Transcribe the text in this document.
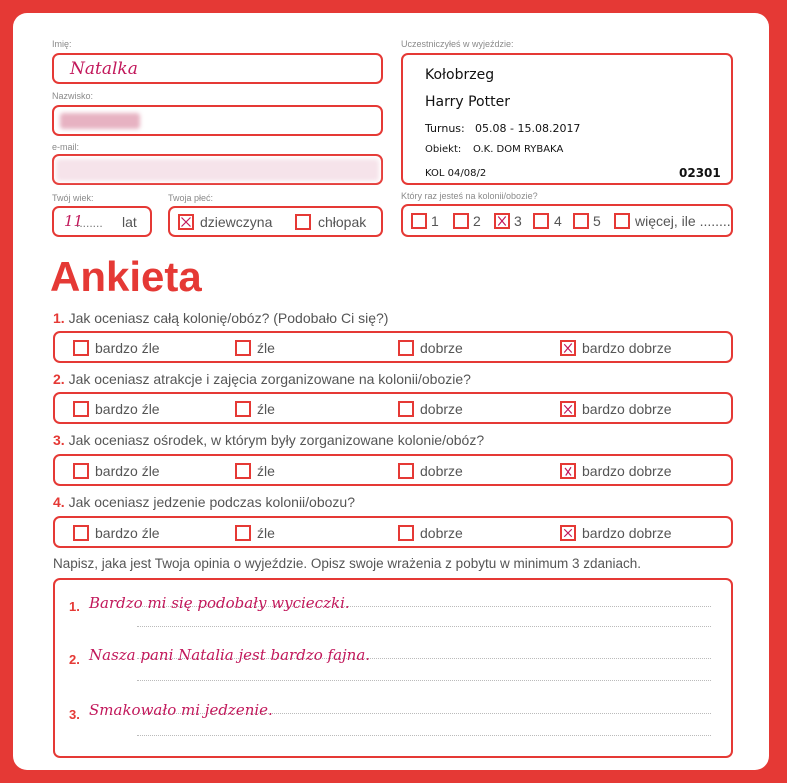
Imię:
Natalka
Nazwisko:
e-mail:
Twój wiek:
11
........ lat
Twoja płeć:
dziewczyna	chłopak
Uczestniczyłeś w wyjeździe:
Kołobrzeg
Harry Potter
Turnus: 05.08 - 15.08.2017
Obiekt: O.K. DOM RYBAKA
KOL 04/08/2	02301
Który raz jesteś na kolonii/obozie?
1 2 3 4 5 więcej, ile ........
Ankieta
1. Jak oceniasz całą kolonię/obóz? (Podobało Ci się?)
bardzo źle	źle	dobrze	bardzo dobrze
2. Jak oceniasz atrakcje i zajęcia zorganizowane na kolonii/obozie?
bardzo źle	źle	dobrze	bardzo dobrze
3. Jak oceniasz ośrodek, w którym były zorganizowane kolonie/obóz?
bardzo źle	źle	dobrze	bardzo dobrze
4. Jak oceniasz jedzenie podczas kolonii/obozu?
bardzo źle	źle	dobrze	bardzo dobrze
Napisz, jaka jest Twoja opinia o wyjeździe. Opisz swoje wrażenia z pobytu w minimum 3 zdaniach.
1. Bardzo mi się podobały wycieczki.
2. Nasza pani Natalia jest bardzo fajna.
3. Smakowało mi jedzenie.
